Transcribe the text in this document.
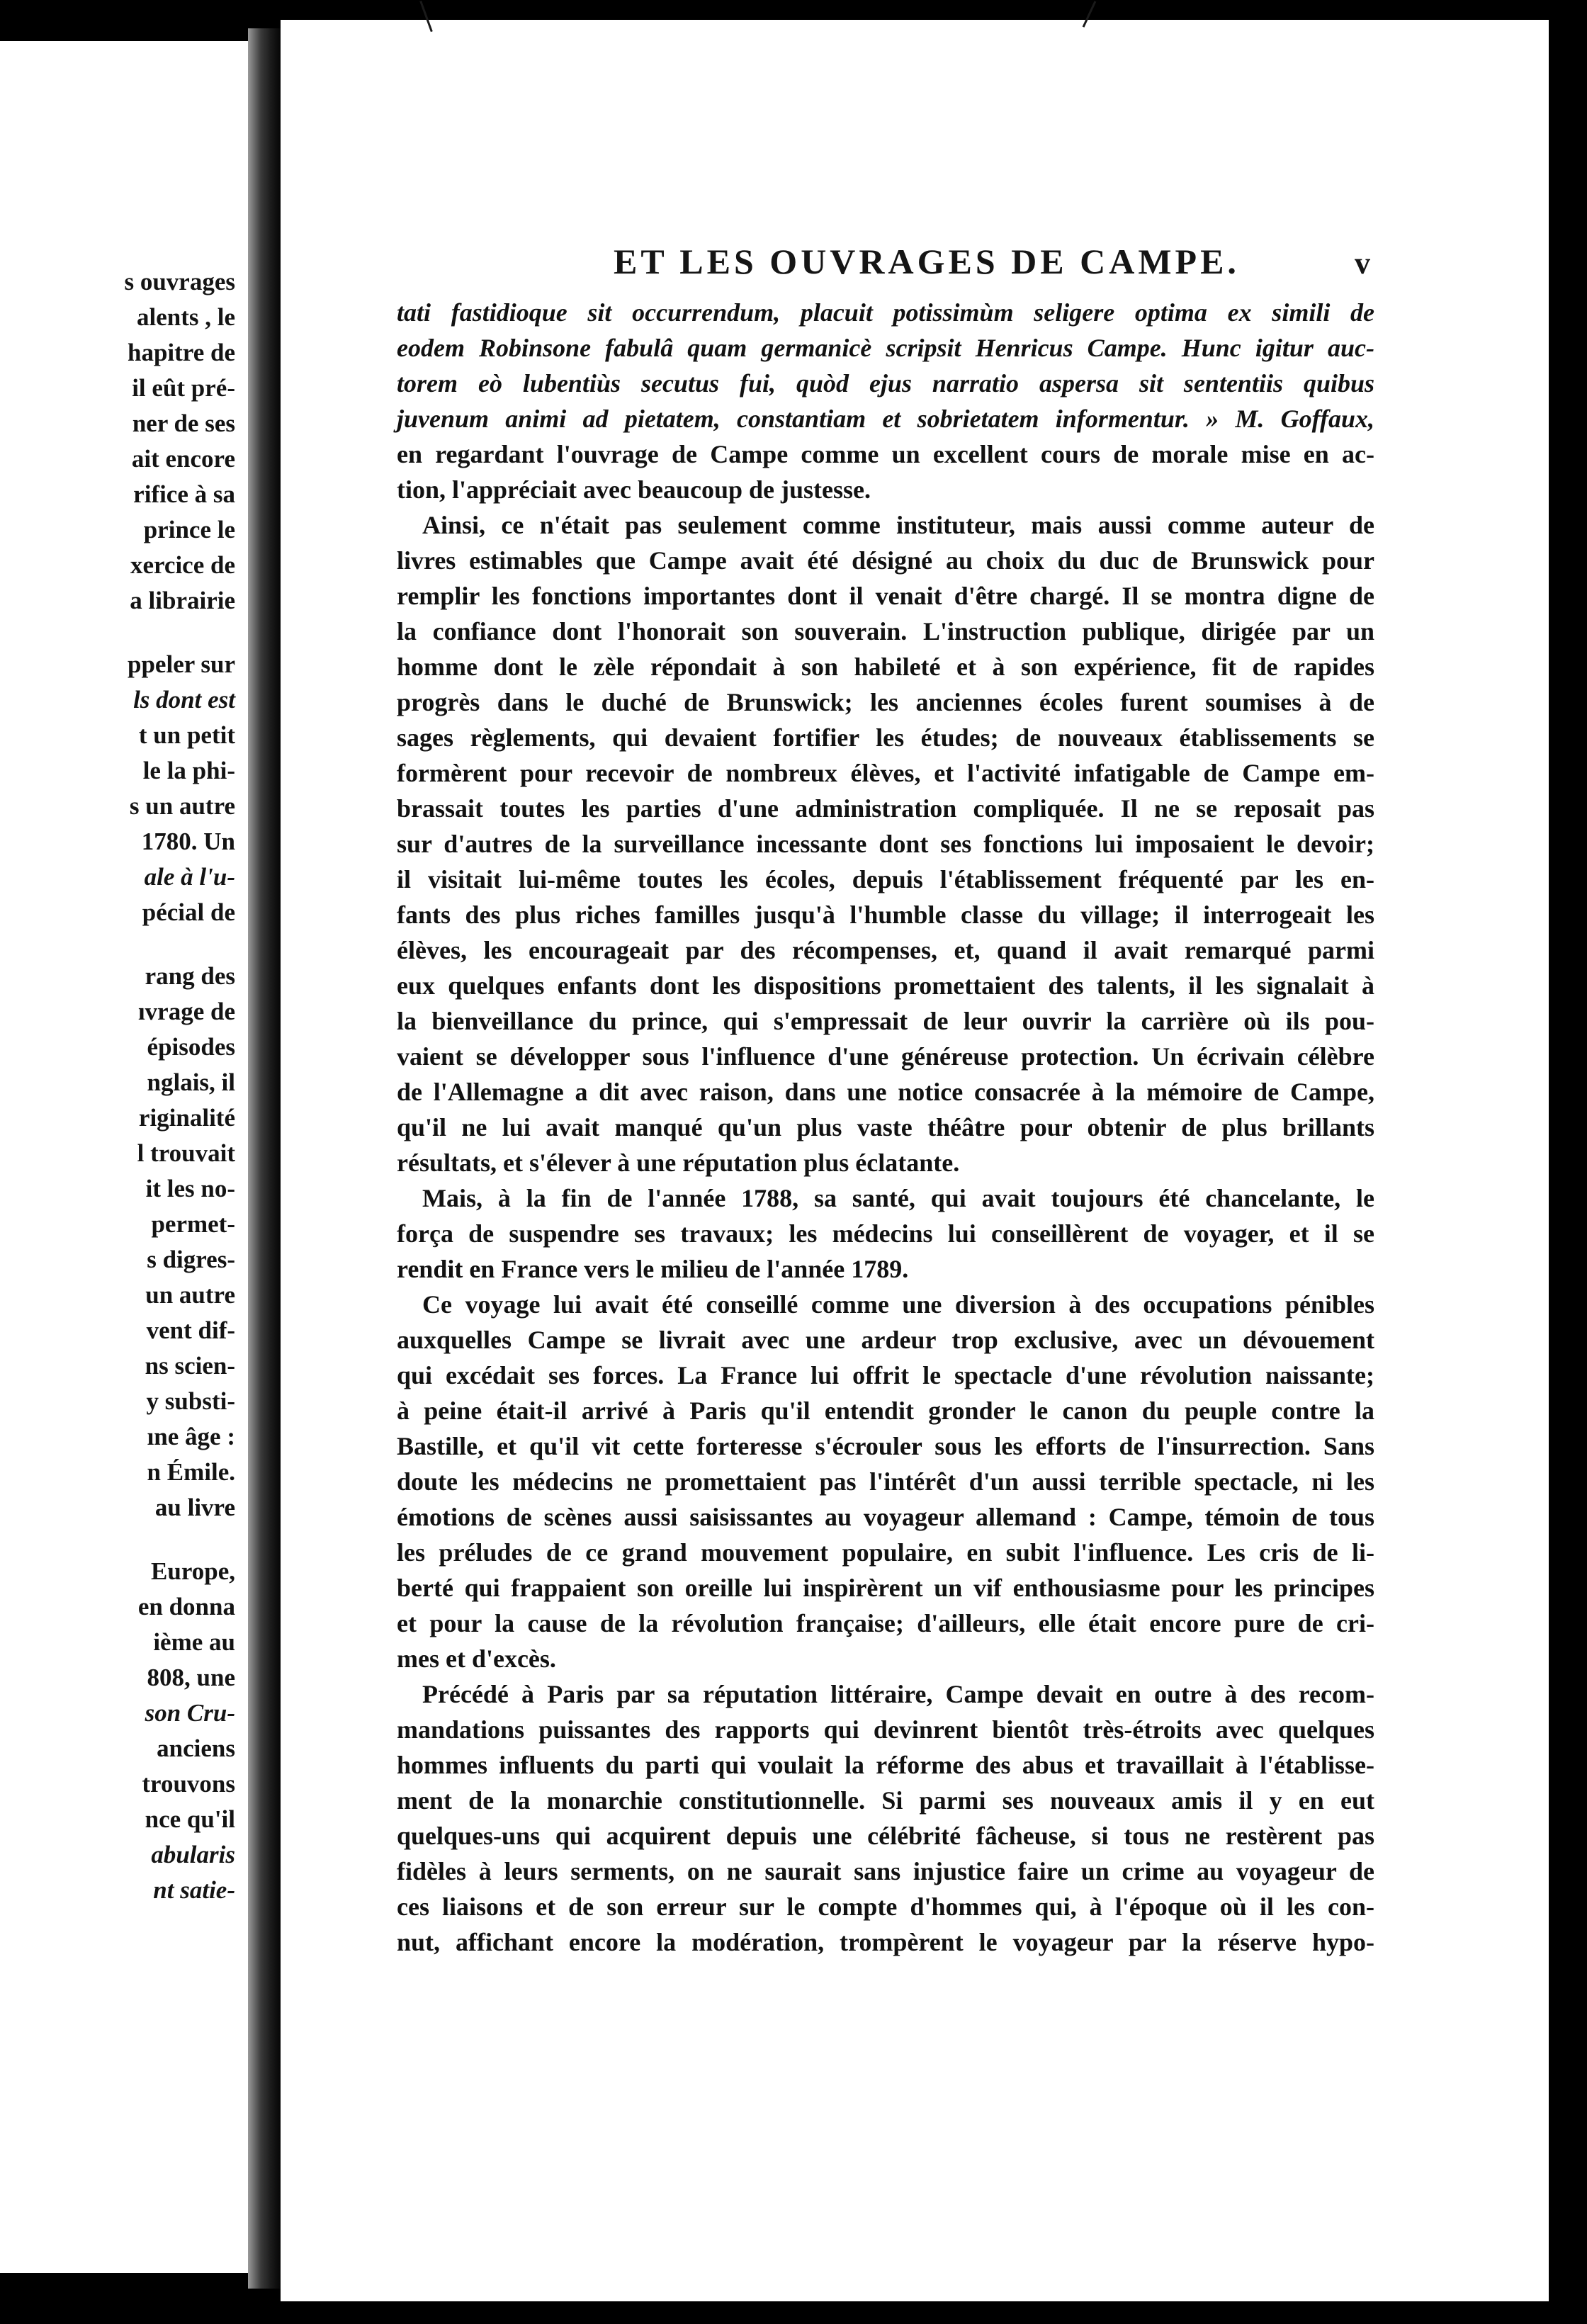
s ouvrages
alents , le
hapitre de
il eût pré-
ner de ses
ait encore
rifice à sa
prince le
xercice de
a librairie
ppeler sur
ls dont est
t un petit
le la phi-
s un autre
1780. Un
ale à l'u-
pécial de
rang des
ıvrage de
épisodes
nglais, il
riginalité
l trouvait
it les no-
permet-
s digres-
un autre
vent dif-
ns scien-
y substi-
ıne âge :
n Émile.
au livre
Europe,
en donna
ième au
808, une
son Cru-
anciens
trouvons
nce qu'il
abularis
nt satie-
ET LES OUVRAGES DE CAMPE.	v
tati fastidioque sit occurrendum, placuit potissimùm seligere optima ex simili de
eodem Robinsone fabulâ quam germanicè scripsit Henricus Campe. Hunc igitur auc-
torem eò lubentiùs secutus fui, quòd ejus narratio aspersa sit sententiis quibus
juvenum animi ad pietatem, constantiam et sobrietatem informentur. » M. Goffaux,
en regardant l'ouvrage de Campe comme un excellent cours de morale mise en ac-
tion, l'appréciait avec beaucoup de justesse.
Ainsi, ce n'était pas seulement comme instituteur, mais aussi comme auteur de
livres estimables que Campe avait été désigné au choix du duc de Brunswick pour
remplir les fonctions importantes dont il venait d'être chargé. Il se montra digne de
la confiance dont l'honorait son souverain. L'instruction publique, dirigée par un
homme dont le zèle répondait à son habileté et à son expérience, fit de rapides
progrès dans le duché de Brunswick; les anciennes écoles furent soumises à de
sages règlements, qui devaient fortifier les études; de nouveaux établissements se
formèrent pour recevoir de nombreux élèves, et l'activité infatigable de Campe em-
brassait toutes les parties d'une administration compliquée. Il ne se reposait pas
sur d'autres de la surveillance incessante dont ses fonctions lui imposaient le devoir;
il visitait lui-même toutes les écoles, depuis l'établissement fréquenté par les en-
fants des plus riches familles jusqu'à l'humble classe du village; il interrogeait les
élèves, les encourageait par des récompenses, et, quand il avait remarqué parmi
eux quelques enfants dont les dispositions promettaient des talents, il les signalait à
la bienveillance du prince, qui s'empressait de leur ouvrir la carrière où ils pou-
vaient se développer sous l'influence d'une généreuse protection. Un écrivain célèbre
de l'Allemagne a dit avec raison, dans une notice consacrée à la mémoire de Campe,
qu'il ne lui avait manqué qu'un plus vaste théâtre pour obtenir de plus brillants
résultats, et s'élever à une réputation plus éclatante.
Mais, à la fin de l'année 1788, sa santé, qui avait toujours été chancelante, le
força de suspendre ses travaux; les médecins lui conseillèrent de voyager, et il se
rendit en France vers le milieu de l'année 1789.
Ce voyage lui avait été conseillé comme une diversion à des occupations pénibles
auxquelles Campe se livrait avec une ardeur trop exclusive, avec un dévouement
qui excédait ses forces. La France lui offrit le spectacle d'une révolution naissante;
à peine était-il arrivé à Paris qu'il entendit gronder le canon du peuple contre la
Bastille, et qu'il vit cette forteresse s'écrouler sous les efforts de l'insurrection. Sans
doute les médecins ne promettaient pas l'intérêt d'un aussi terrible spectacle, ni les
émotions de scènes aussi saisissantes au voyageur allemand : Campe, témoin de tous
les préludes de ce grand mouvement populaire, en subit l'influence. Les cris de li-
berté qui frappaient son oreille lui inspirèrent un vif enthousiasme pour les principes
et pour la cause de la révolution française; d'ailleurs, elle était encore pure de cri-
mes et d'excès.
Précédé à Paris par sa réputation littéraire, Campe devait en outre à des recom-
mandations puissantes des rapports qui devinrent bientôt très-étroits avec quelques
hommes influents du parti qui voulait la réforme des abus et travaillait à l'établisse-
ment de la monarchie constitutionnelle. Si parmi ses nouveaux amis il y en eut
quelques-uns qui acquirent depuis une célébrité fâcheuse, si tous ne restèrent pas
fidèles à leurs serments, on ne saurait sans injustice faire un crime au voyageur de
ces liaisons et de son erreur sur le compte d'hommes qui, à l'époque où il les con-
nut, affichant encore la modération, trompèrent le voyageur par la réserve hypo-
